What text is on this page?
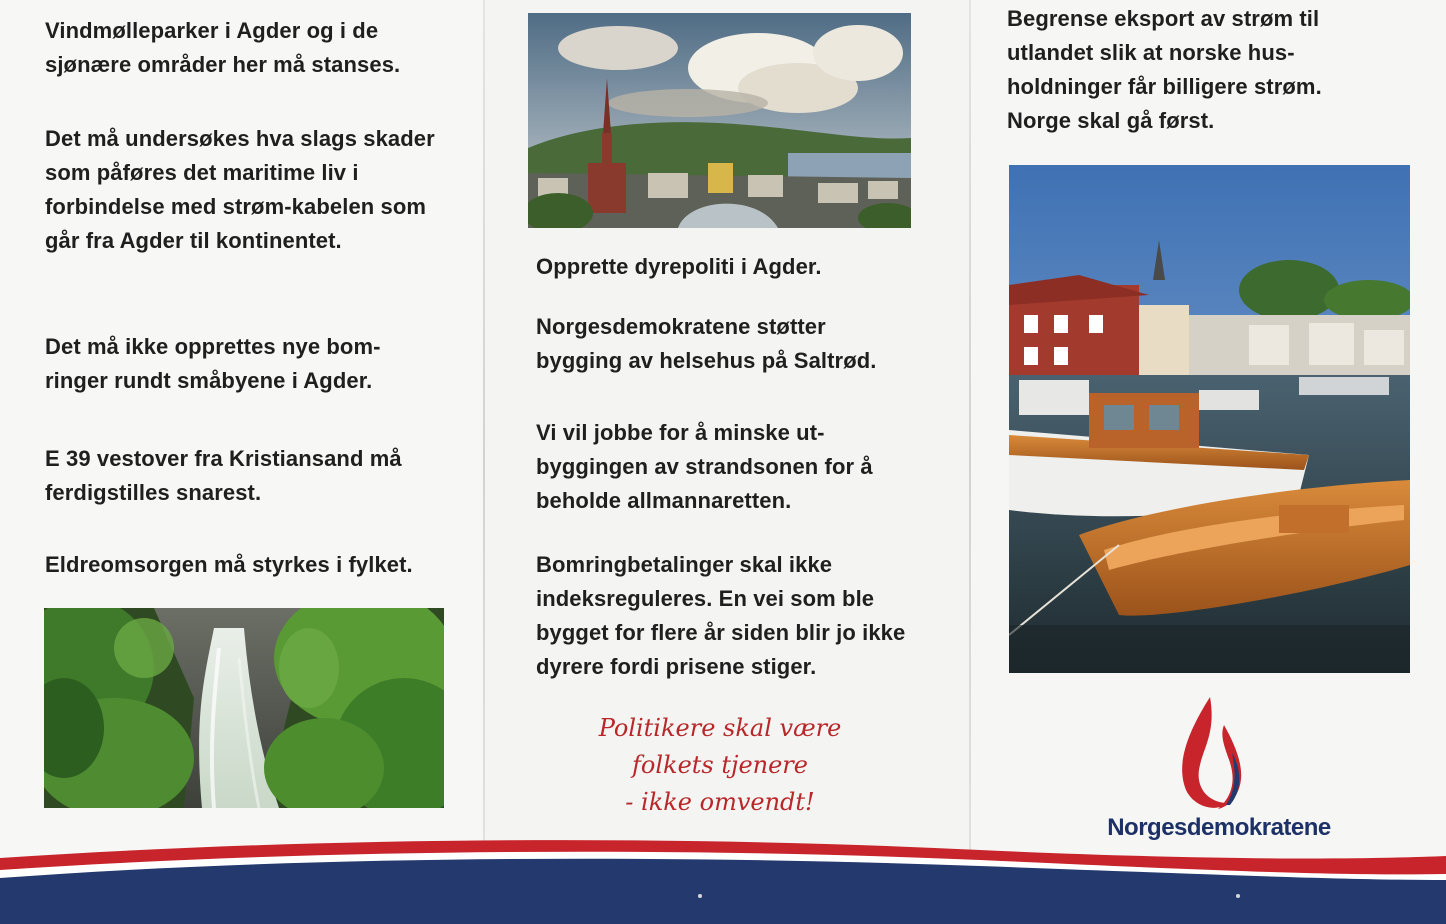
Vindmølleparker i Agder og i de sjønære områder her må stanses.

Det må undersøkes hva slags skader som påføres det maritime liv i forbindelse med strøm-kabelen som går fra Agder til kontinentet.

Det må ikke opprettes nye bom-ringer rundt småbyene i Agder.

E 39 vestover fra Kristiansand må ferdigstilles snarest.

Eldreomsorgen må styrkes i fylket.

Opprette dyrepoliti i Agder.

Norgesdemokratene støtter bygging av helsehus på Saltrød.

Vi vil jobbe for å minske ut-byggingen av strandsonen for å beholde allmannaretten.

Bomringbetalinger skal ikke indeksreguleres. En vei som ble bygget for flere år siden blir jo ikke dyrere fordi prisene stiger.

Politikere skal være
folkets tjenere
- ikke omvendt!

Begrense eksport av strøm til utlandet slik at norske hus-holdninger får billigere strøm. Norge skal gå først.

Norgesdemokratene
